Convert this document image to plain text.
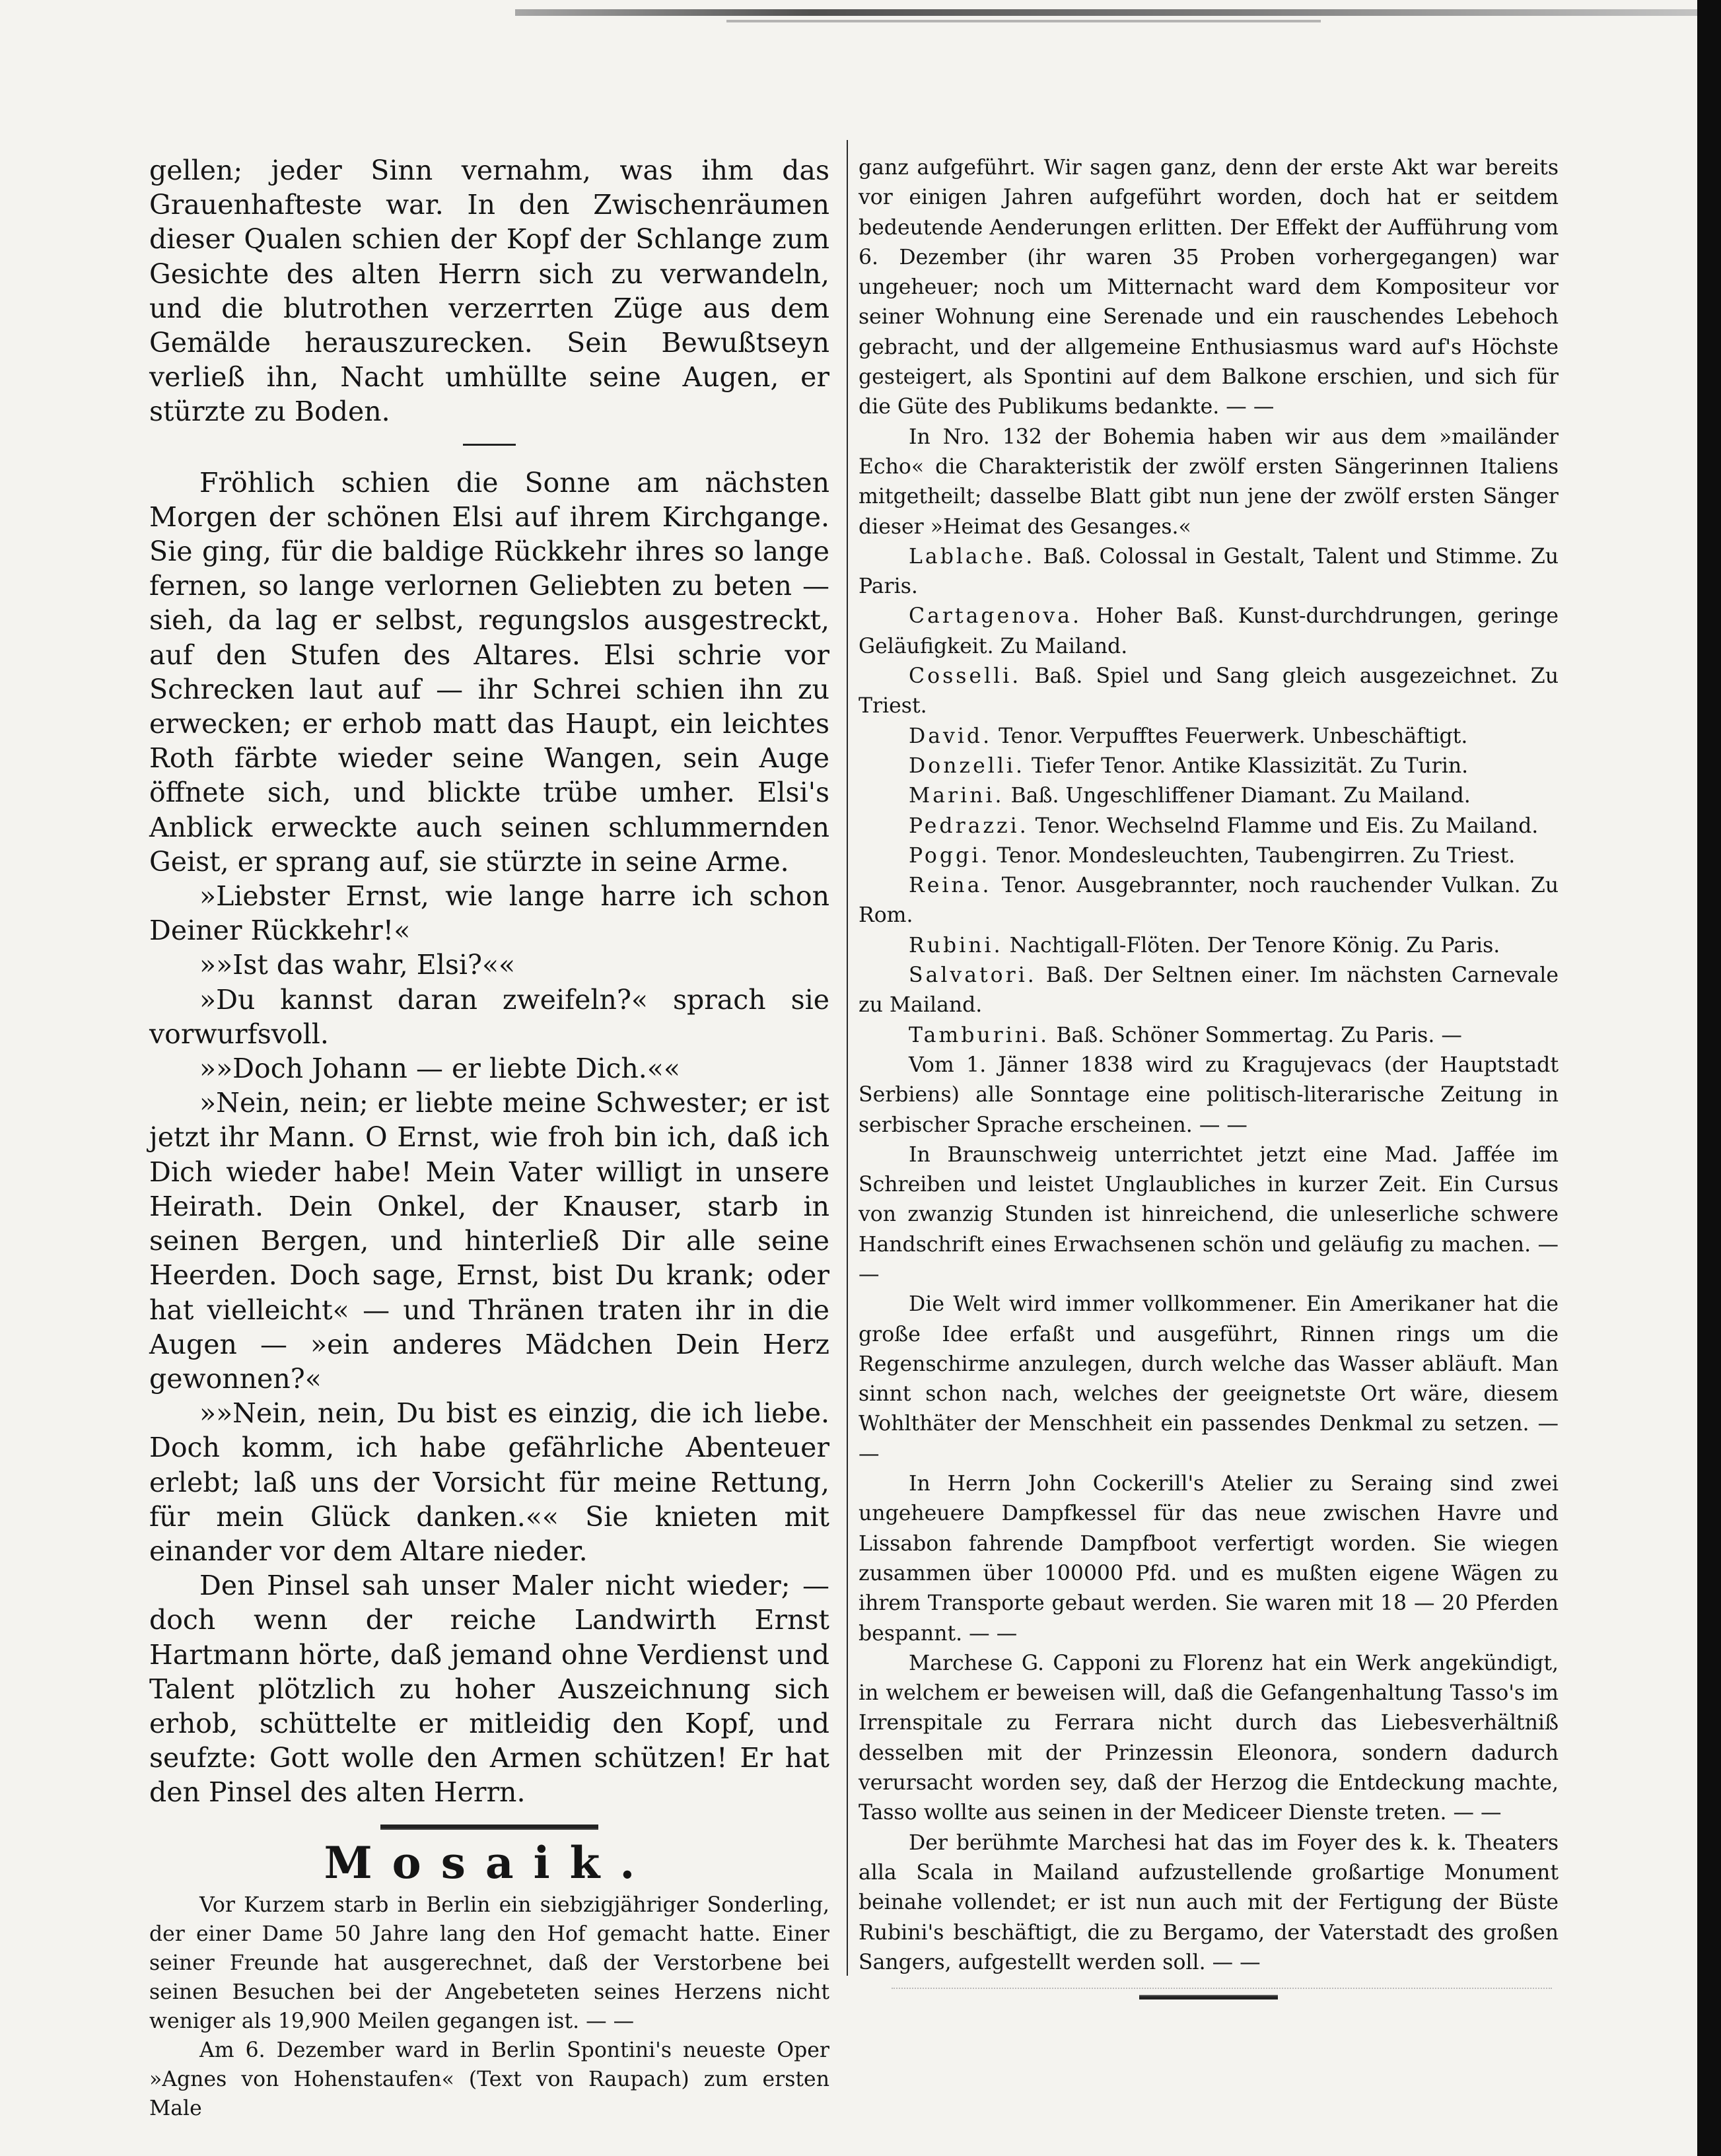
gellen; jeder Sinn vernahm, was ihm das Grauenhafteste war. In den Zwischenräumen dieser Qualen schien der Kopf der Schlange zum Gesichte des alten Herrn sich zu verwandeln, und die blutrothen verzerrten Züge aus dem Gemälde herauszurecken. Sein Bewußtseyn verließ ihn, Nacht umhüllte seine Augen, er stürzte zu Boden.

Fröhlich schien die Sonne am nächsten Morgen der schönen Elsi auf ihrem Kirchgange. Sie ging, für die baldige Rückkehr ihres so lange fernen, so lange verlornen Geliebten zu beten — sieh, da lag er selbst, regungslos ausgestreckt, auf den Stufen des Altares. Elsi schrie vor Schrecken laut auf — ihr Schrei schien ihn zu erwecken; er erhob matt das Haupt, ein leichtes Roth färbte wieder seine Wangen, sein Auge öffnete sich, und blickte trübe umher. Elsi's Anblick erweckte auch seinen schlummernden Geist, er sprang auf, sie stürzte in seine Arme.

»Liebster Ernst, wie lange harre ich schon Deiner Rückkehr!«

»»Ist das wahr, Elsi?««

»Du kannst daran zweifeln?« sprach sie vorwurfsvoll.

»»Doch Johann — er liebte Dich.««

»Nein, nein; er liebte meine Schwester; er ist jetzt ihr Mann. O Ernst, wie froh bin ich, daß ich Dich wieder habe! Mein Vater willigt in unsere Heirath. Dein Onkel, der Knauser, starb in seinen Bergen, und hinterließ Dir alle seine Heerden. Doch sage, Ernst, bist Du krank; oder hat vielleicht« — und Thränen traten ihr in die Augen — »ein anderes Mädchen Dein Herz gewonnen?«

»»Nein, nein, Du bist es einzig, die ich liebe. Doch komm, ich habe gefährliche Abenteuer erlebt; laß uns der Vorsicht für meine Rettung, für mein Glück danken.«« Sie knieten mit einander vor dem Altare nieder.

Den Pinsel sah unser Maler nicht wieder; — doch wenn der reiche Landwirth Ernst Hartmann hörte, daß jemand ohne Verdienst und Talent plötzlich zu hoher Auszeichnung sich erhob, schüttelte er mitleidig den Kopf, und seufzte: Gott wolle den Armen schützen! Er hat den Pinsel des alten Herrn.

Mosaik.

Vor Kurzem starb in Berlin ein siebzigjähriger Sonderling, der einer Dame 50 Jahre lang den Hof gemacht hatte. Einer seiner Freunde hat ausgerechnet, daß der Verstorbene bei seinen Besuchen bei der Angebeteten seines Herzens nicht weniger als 19,900 Meilen gegangen ist. — —

Am 6. Dezember ward in Berlin Spontini's neueste Oper »Agnes von Hohenstaufen« (Text von Raupach) zum ersten Male

ganz aufgeführt. Wir sagen ganz, denn der erste Akt war bereits vor einigen Jahren aufgeführt worden, doch hat er seitdem bedeutende Aenderungen erlitten. Der Effekt der Aufführung vom 6. Dezember (ihr waren 35 Proben vorhergegangen) war ungeheuer; noch um Mitternacht ward dem Kompositeur vor seiner Wohnung eine Serenade und ein rauschendes Lebehoch gebracht, und der allgemeine Enthusiasmus ward auf's Höchste gesteigert, als Spontini auf dem Balkone erschien, und sich für die Güte des Publikums bedankte. — —

In Nro. 132 der Bohemia haben wir aus dem »mailänder Echo« die Charakteristik der zwölf ersten Sängerinnen Italiens mitgetheilt; dasselbe Blatt gibt nun jene der zwölf ersten Sänger dieser »Heimat des Gesanges.«

Lablache. Baß. Colossal in Gestalt, Talent und Stimme. Zu Paris.

Cartagenova. Hoher Baß. Kunst-durchdrungen, geringe Geläufigkeit. Zu Mailand.

Cosselli. Baß. Spiel und Sang gleich ausgezeichnet. Zu Triest.

David. Tenor. Verpufftes Feuerwerk. Unbeschäftigt.

Donzelli. Tiefer Tenor. Antike Klassizität. Zu Turin.

Marini. Baß. Ungeschliffener Diamant. Zu Mailand.

Pedrazzi. Tenor. Wechselnd Flamme und Eis. Zu Mailand.

Poggi. Tenor. Mondesleuchten, Taubengirren. Zu Triest.

Reina. Tenor. Ausgebrannter, noch rauchender Vulkan. Zu Rom.

Rubini. Nachtigall-Flöten. Der Tenore König. Zu Paris.

Salvatori. Baß. Der Seltnen einer. Im nächsten Carnevale zu Mailand.

Tamburini. Baß. Schöner Sommertag. Zu Paris. —

Vom 1. Jänner 1838 wird zu Kragujevacs (der Hauptstadt Serbiens) alle Sonntage eine politisch-literarische Zeitung in serbischer Sprache erscheinen. — —

In Braunschweig unterrichtet jetzt eine Mad. Jaffée im Schreiben und leistet Unglaubliches in kurzer Zeit. Ein Cursus von zwanzig Stunden ist hinreichend, die unleserliche schwere Handschrift eines Erwachsenen schön und geläufig zu machen. — —

Die Welt wird immer vollkommener. Ein Amerikaner hat die große Idee erfaßt und ausgeführt, Rinnen rings um die Regenschirme anzulegen, durch welche das Wasser abläuft. Man sinnt schon nach, welches der geeignetste Ort wäre, diesem Wohlthäter der Menschheit ein passendes Denkmal zu setzen. — —

In Herrn John Cockerill's Atelier zu Seraing sind zwei ungeheuere Dampfkessel für das neue zwischen Havre und Lissabon fahrende Dampfboot verfertigt worden. Sie wiegen zusammen über 100000 Pfd. und es mußten eigene Wägen zu ihrem Transporte gebaut werden. Sie waren mit 18 — 20 Pferden bespannt. — —

Marchese G. Capponi zu Florenz hat ein Werk angekündigt, in welchem er beweisen will, daß die Gefangenhaltung Tasso's im Irrenspitale zu Ferrara nicht durch das Liebesverhältniß desselben mit der Prinzessin Eleonora, sondern dadurch verursacht worden sey, daß der Herzog die Entdeckung machte, Tasso wollte aus seinen in der Mediceer Dienste treten. — —

Der berühmte Marchesi hat das im Foyer des k. k. Theaters alla Scala in Mailand aufzustellende großartige Monument beinahe vollendet; er ist nun auch mit der Fertigung der Büste Rubini's beschäftigt, die zu Bergamo, der Vaterstadt des großen Sangers, aufgestellt werden soll. — —
